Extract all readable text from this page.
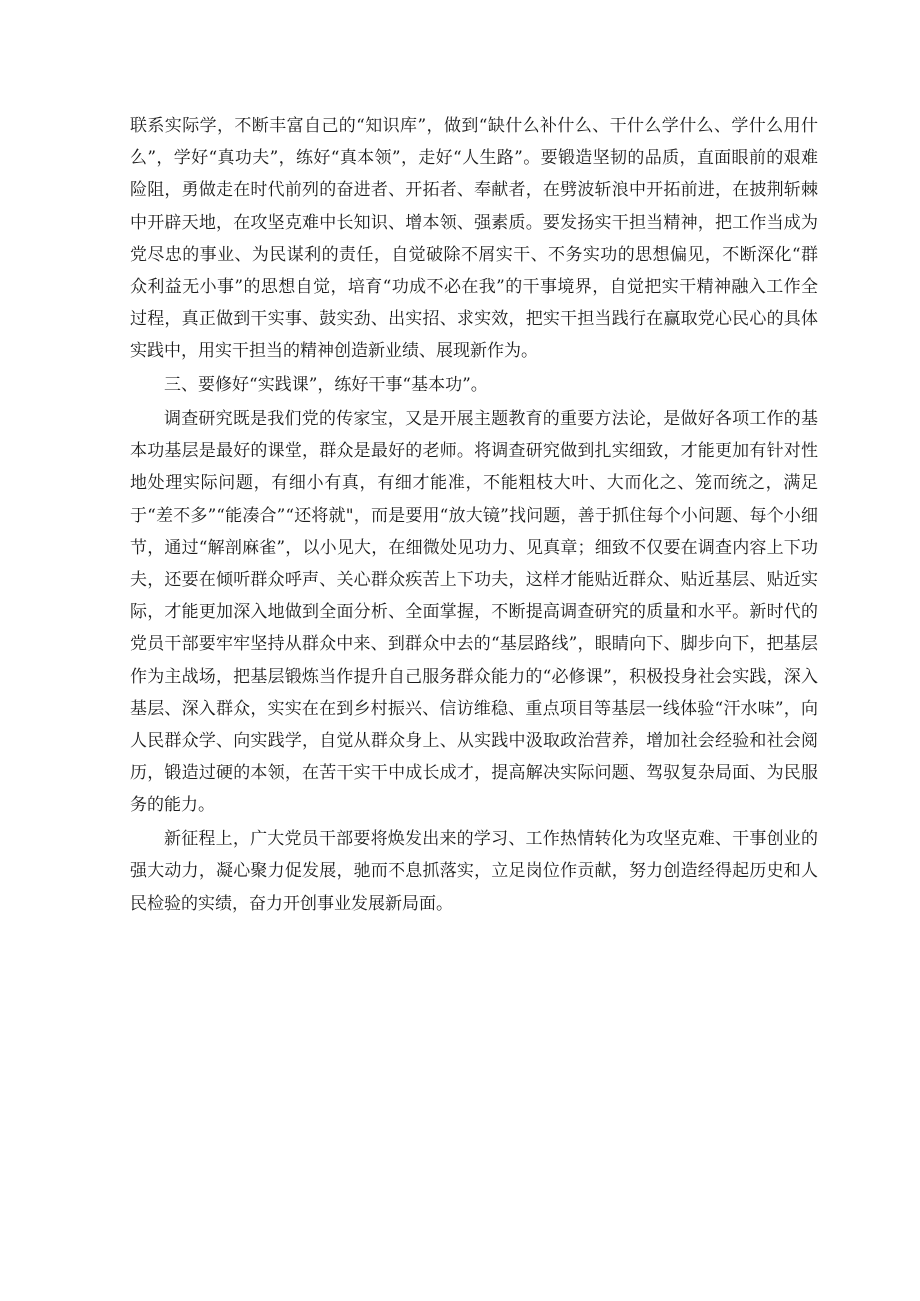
联系实际学，不断丰富自己的“知识库”，做到“缺什么补什么、干什么学什么、学什么用什么”，学好“真功夫”，练好“真本领”，走好“人生路”。要锻造坚韧的品质，直面眼前的艰难险阻，勇做走在时代前列的奋进者、开拓者、奉献者，在劈波斩浪中开拓前进，在披荆斩棘中开辟天地，在攻坚克难中长知识、增本领、强素质。要发扬实干担当精神，把工作当成为党尽忠的事业、为民谋利的责任，自觉破除不屑实干、不务实功的思想偏见，不断深化“群众利益无小事”的思想自觉，培育“功成不必在我”的干事境界，自觉把实干精神融入工作全过程，真正做到干实事、鼓实劲、出实招、求实效，把实干担当践行在赢取党心民心的具体实践中，用实干担当的精神创造新业绩、展现新作为。

三、要修好“实践课”，练好干事“基本功”。

调查研究既是我们党的传家宝，又是开展主题教育的重要方法论，是做好各项工作的基本功基层是最好的课堂，群众是最好的老师。将调查研究做到扎实细致，才能更加有针对性地处理实际问题，有细小有真，有细才能准，不能粗枝大叶、大而化之、笼而统之，满足于“差不多”“能凑合”“还将就"，而是要用“放大镜”找问题，善于抓住每个小问题、每个小细节，通过“解剖麻雀”，以小见大，在细微处见功力、见真章；细致不仅要在调查内容上下功夫，还要在倾听群众呼声、关心群众疾苦上下功夫，这样才能贴近群众、贴近基层、贴近实际，才能更加深入地做到全面分析、全面掌握，不断提高调查研究的质量和水平。新时代的党员干部要牢牢坚持从群众中来、到群众中去的“基层路线”，眼睛向下、脚步向下，把基层作为主战场，把基层锻炼当作提升自己服务群众能力的“必修课”，积极投身社会实践，深入基层、深入群众，实实在在到乡村振兴、信访维稳、重点项目等基层一线体验“汗水味”，向人民群众学、向实践学，自觉从群众身上、从实践中汲取政治营养，增加社会经验和社会阅历，锻造过硬的本领，在苦干实干中成长成才，提高解决实际问题、驾驭复杂局面、为民服务的能力。

新征程上，广大党员干部要将焕发出来的学习、工作热情转化为攻坚克难、干事创业的强大动力，凝心聚力促发展，驰而不息抓落实，立足岗位作贡献，努力创造经得起历史和人民检验的实绩，奋力开创事业发展新局面。
